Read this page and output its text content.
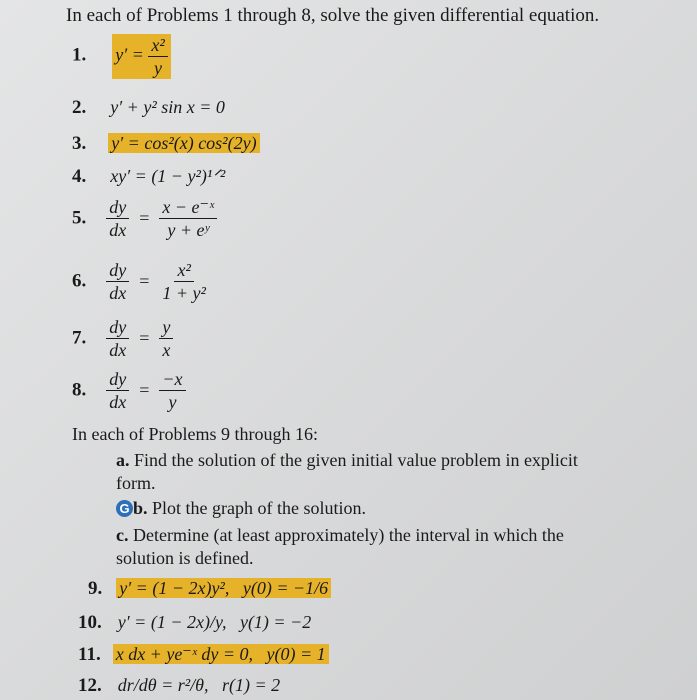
In each of Problems 1 through 8, solve the given differential equation.
1. $y' = \frac{\text{x²}}{y}$
2. y′ + y² sin x = 0
3. y′ = cos²(x) cos²(2y)
4. xy′ = (1 − y²)¹ᐟ²
5. $\frac{dy}{dx} = \frac{\text{x − e⁻ˣ}}{\text{y + eʸ}}$
6. $\frac{dy}{dx} = \frac{\text{x²}}{\text{1 + y²}}$
7. $\frac{dy}{dx} = \frac{y}{x}$
8. $\frac{dy}{dx} = \frac{-x}{y}$
In each of Problems 9 through 16:
a. Find the solution of the given initial value problem in explicit
form.
G b. Plot the graph of the solution.
c. Determine (at least approximately) the interval in which the
solution is defined.
9. y′ = (1 − 2x)y², y(0) = −1/6
10. y′ = (1 − 2x)/y, y(1) = −2
11. x dx + ye⁻ˣ dy = 0, y(0) = 1
12. dr/dθ = r²/θ, r(1) = 2
